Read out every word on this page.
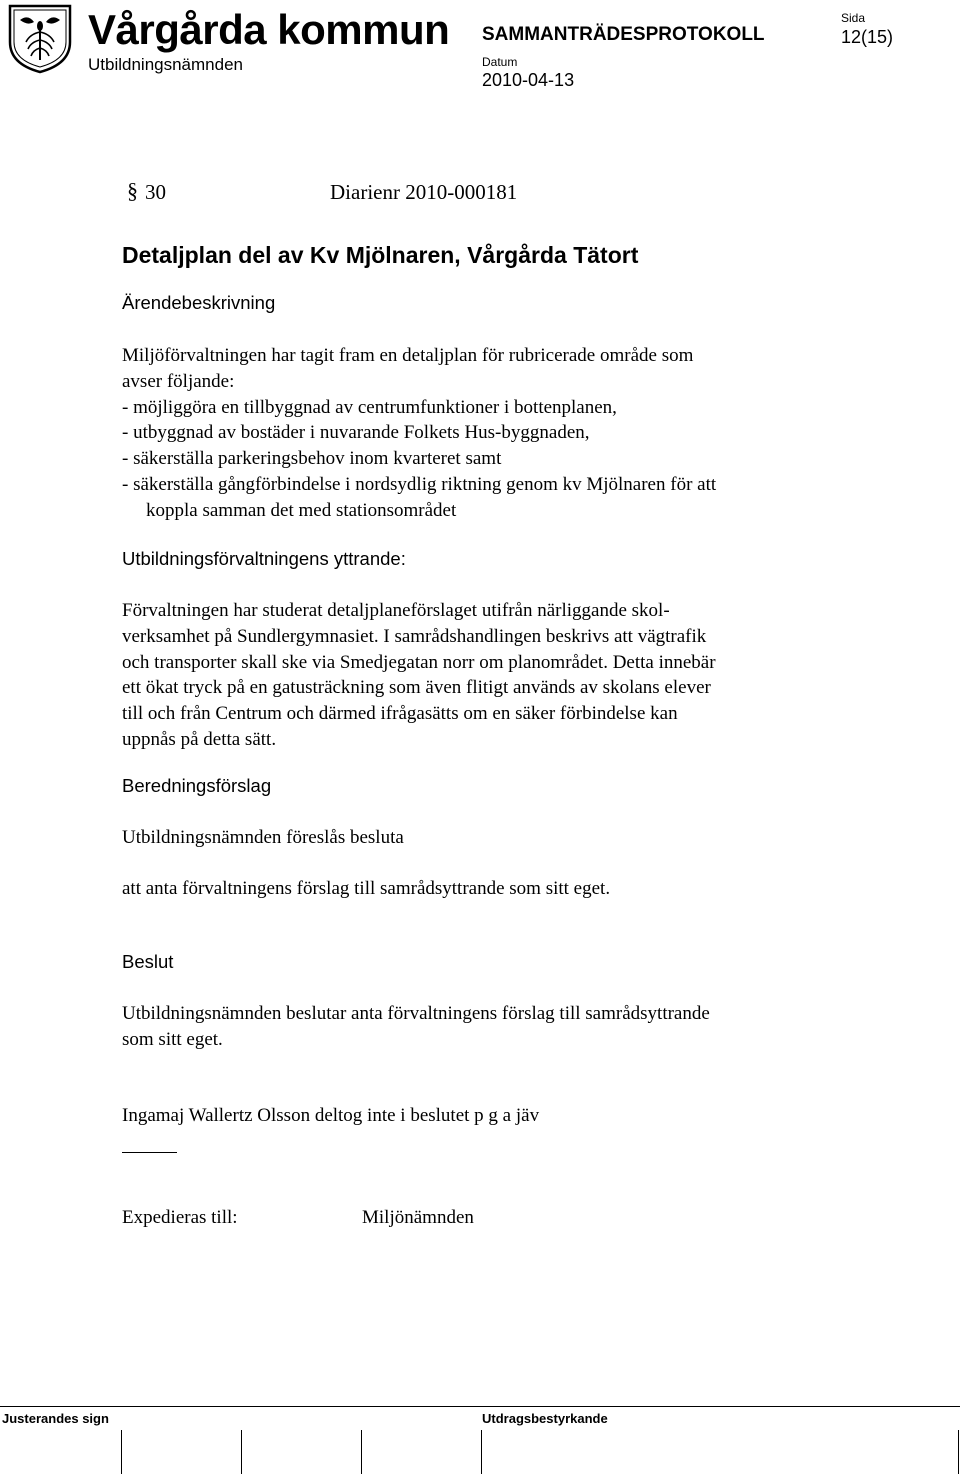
Vårgårda kommun
Utbildningsnämnden
SAMMANTRÄDESPROTOKOLL
Datum
2010-04-13
Sida
12(15)
§ 30	Diarienr 2010-000181
Detaljplan del av Kv Mjölnaren, Vårgårda Tätort
Ärendebeskrivning
Miljöförvaltningen har tagit fram en detaljplan för rubricerade område som
avser följande:
- möjliggöra en tillbyggnad av centrumfunktioner i bottenplanen,
- utbyggnad av bostäder i nuvarande Folkets Hus-byggnaden,
- säkerställa parkeringsbehov inom kvarteret samt
- säkerställa gångförbindelse i nordsydlig riktning genom kv Mjölnaren för att
koppla samman det med stationsområdet
Utbildningsförvaltningens yttrande:
Förvaltningen har studerat detaljplaneförslaget utifrån närliggande skol-
verksamhet på Sundlergymnasiet. I samrådshandlingen beskrivs att vägtrafik
och transporter skall ske via Smedjegatan norr om planområdet. Detta innebär
ett ökat tryck på en gatusträckning som även flitigt används av skolans elever
till och från Centrum och därmed ifrågasätts om en säker förbindelse kan
uppnås på detta sätt.
Beredningsförslag
Utbildningsnämnden föreslås besluta
att anta förvaltningens förslag till samrådsyttrande som sitt eget.
Beslut
Utbildningsnämnden beslutar anta förvaltningens förslag till samrådsyttrande
som sitt eget.
Ingamaj Wallertz Olsson deltog inte i beslutet p g a jäv
Expedieras till:	Miljönämnden
Justerandes sign	Utdragsbestyrkande
